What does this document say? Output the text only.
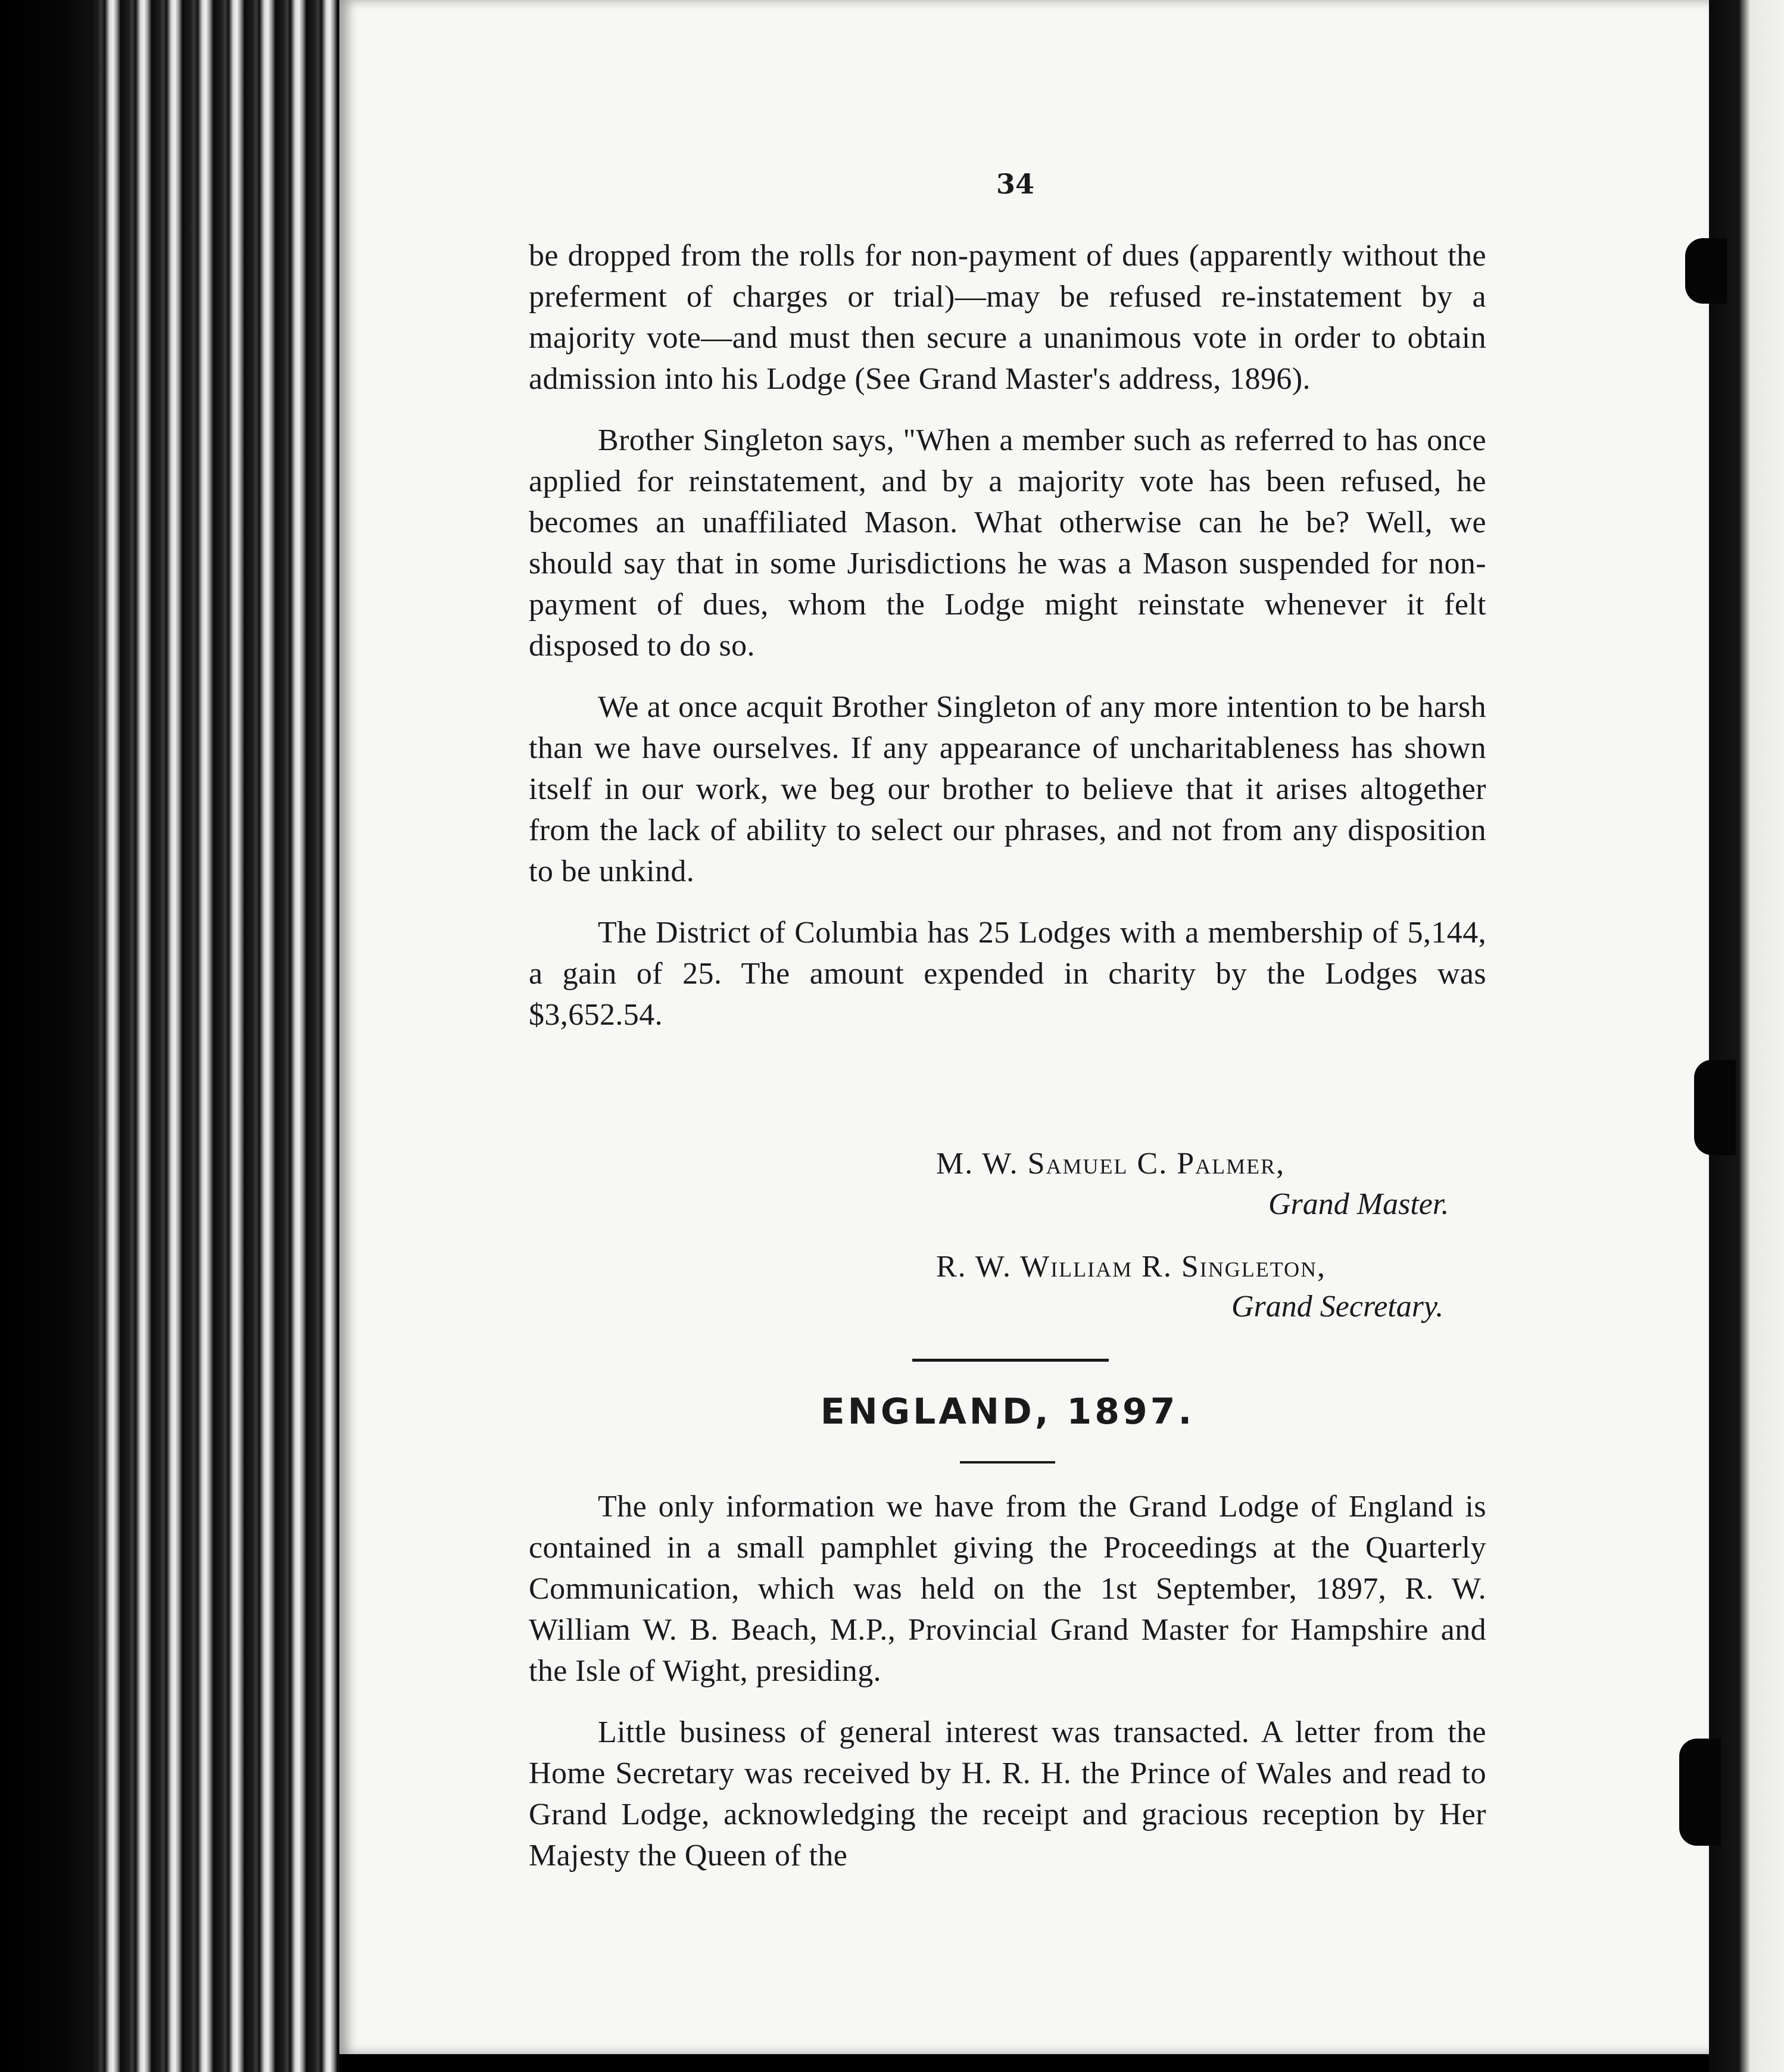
34

be dropped from the rolls for non-payment of dues (apparently without the preferment of charges or trial)—may be refused re-instatement by a majority vote—and must then secure a unanimous vote in order to obtain admission into his Lodge (See Grand Master's address, 1896).

Brother Singleton says, "When a member such as referred to has once applied for reinstatement, and by a majority vote has been refused, he becomes an unaffiliated Mason. What otherwise can he be? Well, we should say that in some Jurisdictions he was a Mason suspended for non-payment of dues, whom the Lodge might reinstate whenever it felt disposed to do so.

We at once acquit Brother Singleton of any more intention to be harsh than we have ourselves. If any appearance of uncharitableness has shown itself in our work, we beg our brother to believe that it arises altogether from the lack of ability to select our phrases, and not from any disposition to be unkind.

The District of Columbia has 25 Lodges with a membership of 5,144, a gain of 25. The amount expended in charity by the Lodges was $3,652.54.

M. W. Samuel C. Palmer,
Grand Master.
R. W. William R. Singleton,
Grand Secretary.
ENGLAND, 1897.

The only information we have from the Grand Lodge of England is contained in a small pamphlet giving the Proceedings at the Quarterly Communication, which was held on the 1st September, 1897, R. W. William W. B. Beach, M.P., Provincial Grand Master for Hampshire and the Isle of Wight, presiding.

Little business of general interest was transacted. A letter from the Home Secretary was received by H. R. H. the Prince of Wales and read to Grand Lodge, acknowledging the receipt and gracious reception by Her Majesty the Queen of the
